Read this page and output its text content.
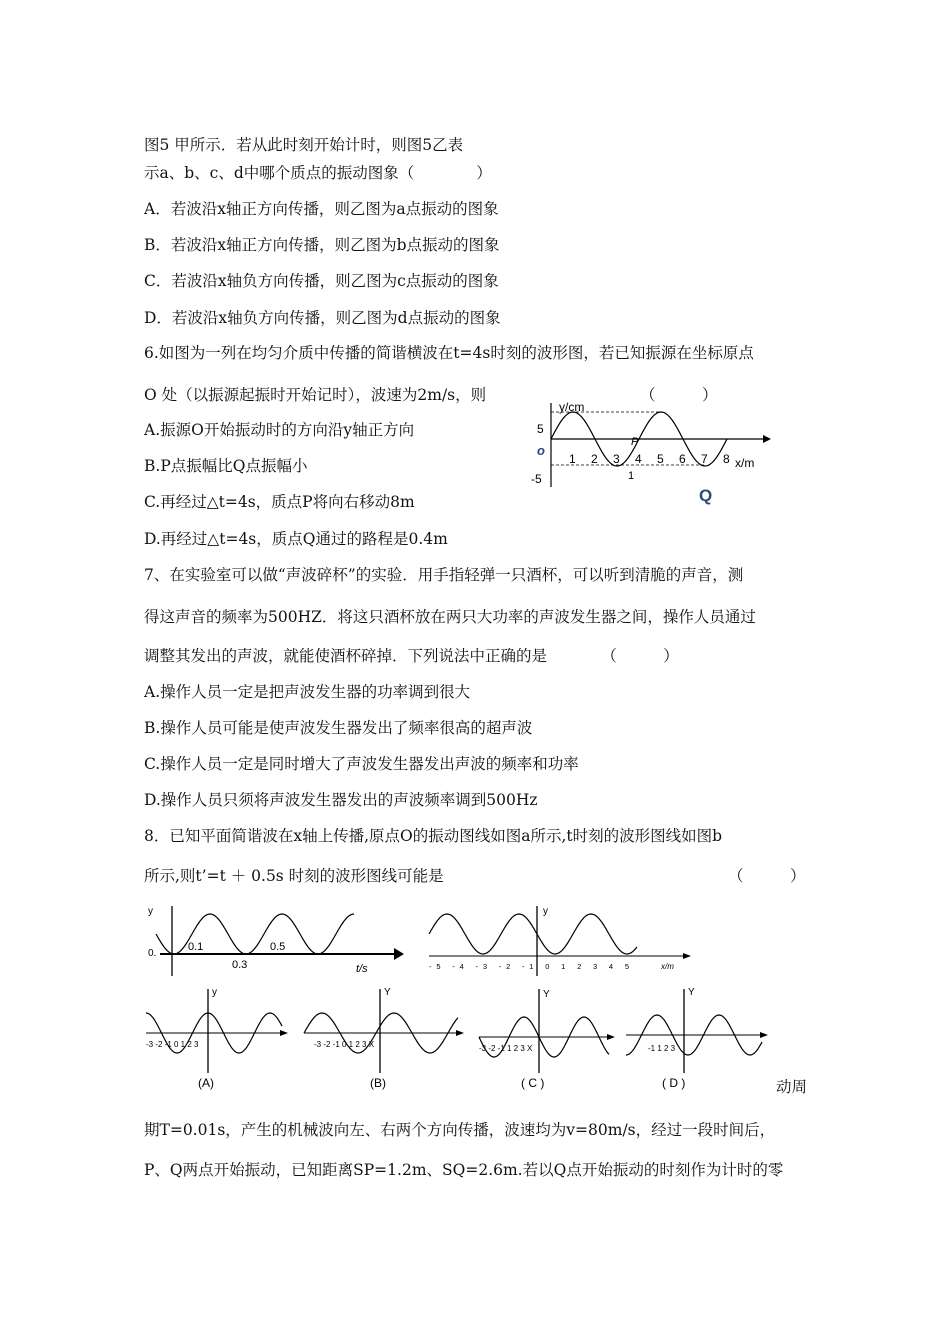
图5 甲所示．若从此时刻开始计时，则图5乙表
示a、b、c、d中哪个质点的振动图象（　　　　）
A．若波沿x轴正方向传播，则乙图为a点振动的图象
B．若波沿x轴正方向传播，则乙图为b点振动的图象
C．若波沿x轴负方向传播，则乙图为c点振动的图象
D．若波沿x轴负方向传播，则乙图为d点振动的图象
6.如图为一列在均匀介质中传播的简谐横波在t=4s时刻的波形图，若已知振源在坐标原点
O 处（以振源起振时开始记时），波速为2m/s，则	（　　　）
A.振源O开始振动时的方向沿y轴正方向
B.P点振幅比Q点振幅小
C.再经过△t=4s，质点P将向右移动8m
D.再经过△t=4s，质点Q通过的路程是0.4m
7、在实验室可以做“声波碎杯”的实验．用手指轻弹一只酒杯，可以听到清脆的声音，测
得这声音的频率为500HZ．将这只酒杯放在两只大功率的声波发生器之间，操作人员通过
调整其发出的声波，就能使酒杯碎掉．下列说法中正确的是　　　　（　　　）
A.操作人员一定是把声波发生器的功率调到很大
B.操作人员可能是使声波发生器发出了频率很高的超声波
C.操作人员一定是同时增大了声波发生器发出声波的频率和功率
D.操作人员只须将声波发生器发出的声波频率调到500Hz
8．已知平面简谐波在x轴上传播,原点O的振动图线如图a所示,t时刻的波形图线如图b
所示,则t’=t ＋ 0.5s 时刻的波形图线可能是	（　　　）
动周
期T=0.01s，产生的机械波向左、右两个方向传播，波速均为v=80m/s，经过一段时间后，
P、Q两点开始振动，已知距离SP=1.2m、SQ=2.6m.若以Q点开始振动的时刻作为计时的零
y/cm
5
-5
o
1 2 3 4 5 6 7 8 x/m
P
1
Q
y
0.
0.1
0.3
0.5
t/s
y
-5 -4 -3 -2 -1 0 1 2 3 4 5	x/m
y
-3 -2 -1 0 1 2 3
(A)
Y
-3 -2 -1 0 1 2 3 X
(B)
Y
-3 -2 -1 1 2 3 X
( C )
Y
-1 1 2 3
( D )
